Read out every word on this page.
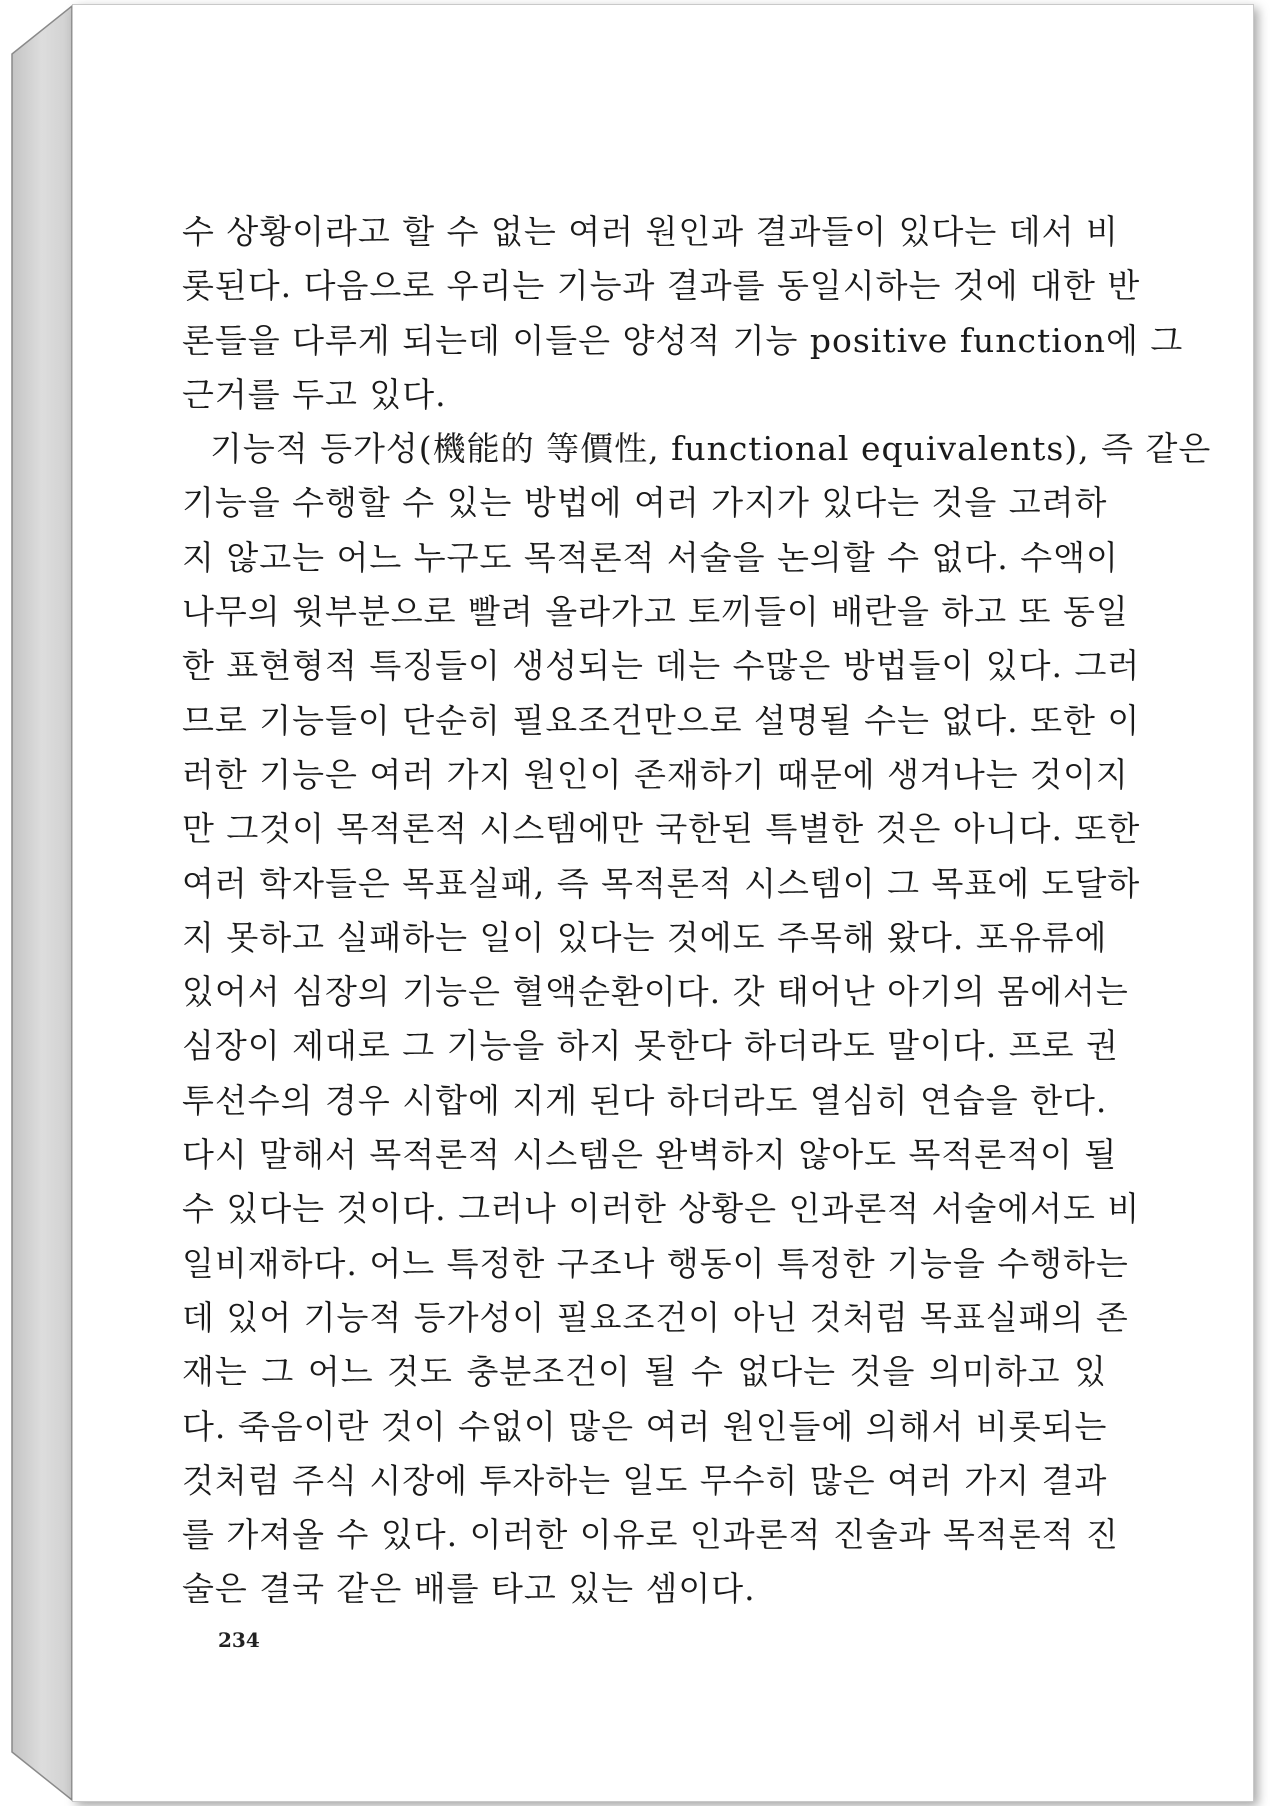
수 상황이라고 할 수 없는 여러 원인과 결과들이 있다는 데서 비
롯된다. 다음으로 우리는 기능과 결과를 동일시하는 것에 대한 반
론들을 다루게 되는데 이들은 양성적 기능 positive function에 그
근거를 두고 있다.
기능적 등가성(機能的 等價性, functional equivalents), 즉 같은
기능을 수행할 수 있는 방법에 여러 가지가 있다는 것을 고려하
지 않고는 어느 누구도 목적론적 서술을 논의할 수 없다. 수액이
나무의 윗부분으로 빨려 올라가고 토끼들이 배란을 하고 또 동일
한 표현형적 특징들이 생성되는 데는 수많은 방법들이 있다. 그러
므로 기능들이 단순히 필요조건만으로 설명될 수는 없다. 또한 이
러한 기능은 여러 가지 원인이 존재하기 때문에 생겨나는 것이지
만 그것이 목적론적 시스템에만 국한된 특별한 것은 아니다. 또한
여러 학자들은 목표실패, 즉 목적론적 시스템이 그 목표에 도달하
지 못하고 실패하는 일이 있다는 것에도 주목해 왔다. 포유류에
있어서 심장의 기능은 혈액순환이다. 갓 태어난 아기의 몸에서는
심장이 제대로 그 기능을 하지 못한다 하더라도 말이다. 프로 권
투선수의 경우 시합에 지게 된다 하더라도 열심히 연습을 한다.
다시 말해서 목적론적 시스템은 완벽하지 않아도 목적론적이 될
수 있다는 것이다. 그러나 이러한 상황은 인과론적 서술에서도 비
일비재하다. 어느 특정한 구조나 행동이 특정한 기능을 수행하는
데 있어 기능적 등가성이 필요조건이 아닌 것처럼 목표실패의 존
재는 그 어느 것도 충분조건이 될 수 없다는 것을 의미하고 있
다. 죽음이란 것이 수없이 많은 여러 원인들에 의해서 비롯되는
것처럼 주식 시장에 투자하는 일도 무수히 많은 여러 가지 결과
를 가져올 수 있다. 이러한 이유로 인과론적 진술과 목적론적 진
술은 결국 같은 배를 타고 있는 셈이다.
234
